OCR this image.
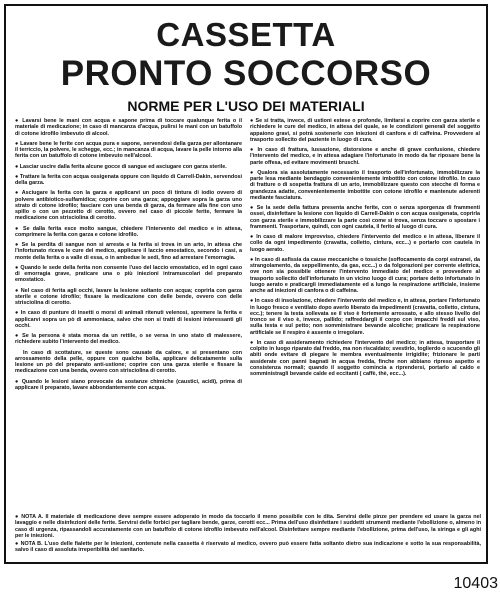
CASSETTA
PRONTO SOCCORSO
NORME PER L'USO DEI MATERIALI

● Lavarsi bene le mani con acqua e sapone prima di toccare qualunque ferita o il materiale di medicazione; in caso di mancanza d'acqua, pulirsi le mani con un batuffolo di cotone idrofilo imbevuto di alcool.

● Lavare bene le ferite con acqua pura e sapone, servendosi della garza per allontanare il terriccio, la polvere, le schegge, ecc.; in mancanza di acqua, lavare la pelle intorno alla ferita con un batuffolo di cotone imbevuto nell'alcool.

● Lasciar uscire dalla ferita alcune gocce di sangue ed asciugare con garza sterile.

● Trattare la ferita con acqua ossigenata oppure con liquido di Carrell-Dakin, servendosi della garza.

● Asciugare la ferita con la garza e applicarvi un poco di tintura di iodio ovvero di polvere antibiotico-sulfamidica; coprire con una garza; appoggiare sopra la garza uno strato di cotone idrofilo; fasciare con una benda di garza, da fermare alla fine con uno spillo o con un pezzetto di cerotto, ovvero nel caso di piccole ferite, fermare la medicazione con strisciolina di cerotto.

● Se dalla ferita esce molto sangue, chiedere l'intervento del medico e in attesa, comprimere la ferita con garza e cotone idrofilo.

● Se la perdita di sangue non si arresta e la ferita si trova in un arto, in attesa che l'infortunato riceva le cure del medico, applicare il laccio emostatico, secondo i casi, a monte della ferita o a valle di essa, o in ambedue le sedi, fino ad arrestare l'emorragia.

● Quando le sede della ferita non consente l'uso del laccio emostatico, ed in ogni caso di emorragia grave, praticare una o più iniezioni intramuscolari del preparato emostatico.

● Nel caso di ferita agli occhi, lavare la lesione soltanto con acqua; coprirla con garza sterile e cotone idrofilo; fissare la medicazione con delle bende, ovvero con delle strisciolina di cerotto.

● In caso di punture di insetti o morsi di animali ritenuti velenosi, spremere la ferita e applicarvi sopra un pò di ammoniaca, salvo che non si tratti di lesioni interessanti gli occhi.

● Se la persona è stata morsa da un rettile, o se versa in uno stato di malessere, richiedere subito l'intervento del medico.

In caso di scottature, se queste sono causate da calore, e si presentano con arrossamento della pelle, oppure con qualche bolla, applicare delicatamente sulla lesione un pò del preparato anti-ustione; coprire con una garza sterile e fissare la medicazione con una benda, ovvero con strisciolina di cerotto.

● Quando le lesioni siano provocate da sostanze chimiche (caustici, acidi), prima di applicare il preparato, lavare abbondantemente con acqua.

● Se si tratta, invece, di ustioni estese o profonde, limitarsi a coprire con garza sterile e richiedere le cure del medico, in attesa del quale, se le condizioni generali del soggetto appaiono gravi, si potrà sostenerle con iniezioni di canfora e di caffeina. Provvedere al trasporto sollecito del paziente in luogo di cura.

● In caso di frattura, lussazione, distorsione e anche di grave confusione, chiedere l'intervento del medico, e in attesa adagiare l'infortunato in modo da far riposare bene la parte offesa, ed evitare movimenti bruschi.

● Qualora sia assolutamente necessario il trasporto dell'infortunato, immobilizzare la parte lesa mediante bendaggio convenientemente imbottito con cotone idrofilo. In caso di fratture o di sospetta frattura di un arto, immobilizzare questo con stecche di forma e grandezza adatte, convenientemente imbottite con cotone idrofilo e mantenute aderenti mediante fasciatura.

● Se la sede della fattura presenta anche ferite, con o senza sporgenza di frammenti ossei, disinfettare la lesione con liquido di Carrell-Dakin o con acqua ossigenata, coprirla con garza sterile e immobilizzare la parte così come si trova, senza toccare o spostare i frammenti. Trasportare, quindi, con ogni cautela, il ferito al luogo di cura.

● In caso di malore improvviso, chiedere l'intervento del medico e in attesa, liberare il collo da ogni impedimento (cravatta, colletto, cintura, ecc...) e portarlo con cautela in luogo aerato.

● In caso di asfissia da cause meccaniche o tossiche (soffocamento da corpi estranei, da strangolamento, da seppellimento, da gas, ecc...) o da folgorazioni per corrente elettrica, ove non sia possibile ottenere l'intervento immediato del medico e provvedere al trasporto sollecito dell'infortunato in un vicino luogo di cura; portare detto infortunato in luogo aerato e praticargli immediatamente ed a lungo la respirazione artificiale, insieme anche ad iniezioni di canfora o di caffeina.

● In caso di insolazione, chiedere l'intervento del medico e, in attesa, portare l'infortunato in luogo fresco e ventilato dopo averlo liberato da impedimenti (cravatta, colletto, cintura, ecc.); tenere la testa sollevata se il viso è fortemente arrossato, e allo stesso livello del tronco se il viso è, invece, pallido; raffreddargli il corpo con impacchi freddi sul viso, sulla testa e sul petto; non somministrare bevande alcoliche; praticare la respirazione artificiale se il respiro è assente o irregolare.

● In caso di assideramento richiedere l'intervento del medico; in attesa, trasportare il colpito in luogo riparato dal freddo, ma non riscaldato; svestirlo, toglierdo o scucendo gli abiti onde evitare di piegare le membra eventualmente irrigidite; frizionare le parti assiderate con panni bagnati in acqua fredda, finche non abbiano ripreso aspetto e consistenza normali; quando il soggetto comincia a riprendersi, portarlo al caldo e somministragli bevande calde ed eccitanti ( caffè, thè, ecc...).

● NOTA A. Il materiale di medicazione deve sempre essere adoperato in modo da toccarlo il meno possibile con le dita. Servirsi delle pinze per prendere ed usare la garza nel lavaggio e nelle disinfezioni delle ferite. Servirsi delle forbici per tagliare bende, garze, cerotti ecc... Prima dell'uso disinfettare i suddetti strumenti mediante l'ebollizione o, almeno in caso di urgenza, ripassandoli accuratamente con un batuffolo di cotone idrofilo imbevuto nell'alcool. Disinfettare sempre mediante l'ebollizione, prima dell'uso, la siringa e gli aghi per le iniezioni.

● NOTA B. L'uso delle fialette per le iniezioni, contenute nella cassetta è riservato al medico, ovvero può essere fatta soltanto dietro sua indicazione e sotto la sua responsabilità, salvo il caso di assoluta irreperibilità del sanitario.

10403
